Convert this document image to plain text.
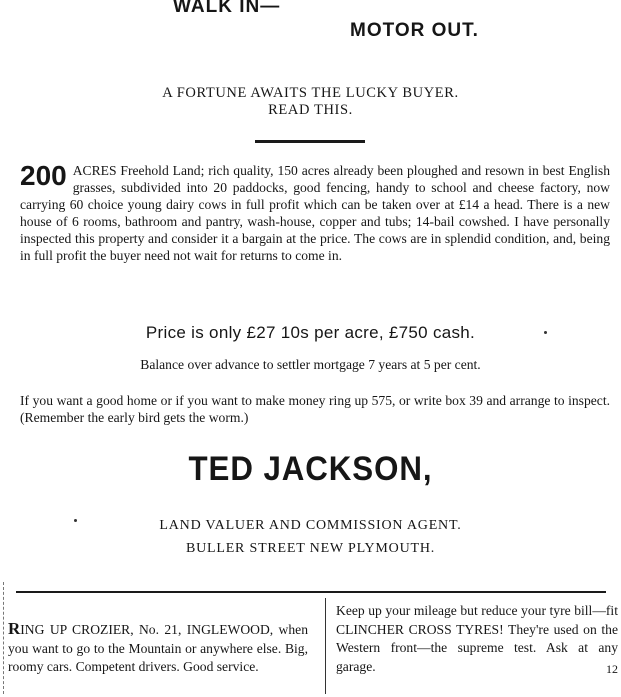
WALK IN—
MOTOR OUT.
A FORTUNE AWAITS THE LUCKY BUYER.
READ THIS.
200 ACRES Freehold Land; rich quality, 150 acres already been ploughed and resown in best English grasses, subdivided into 20 paddocks, good fencing, handy to school and cheese factory, now carrying 60 choice young dairy cows in full profit which can be taken over at £14 a head. There is a new house of 6 rooms, bathroom and pantry, wash-house, copper and tubs; 14-bail cowshed. I have personally inspected this property and consider it a bargain at the price. The cows are in splendid condition, and, being in full profit the buyer need not wait for returns to come in.
Price is only £27 10s per acre, £750 cash.
Balance over advance to settler mortgage 7 years at 5 per cent.
If you want a good home or if you want to make money ring up 575, or write box 39 and arrange to inspect. (Remember the early bird gets the worm.)
TED JACKSON,
LAND VALUER AND COMMISSION AGENT.
BULLER STREET NEW PLYMOUTH.
RING UP CROZIER, No. 21, INGLEWOOD, when you want to go to the Mountain or anywhere else. Big, roomy cars. Competent drivers. Good service.
Keep up your mileage but reduce your tyre bill—fit CLINCHER CROSS TYRES! They're used on the Western front—the supreme test. Ask at any garage.	12
